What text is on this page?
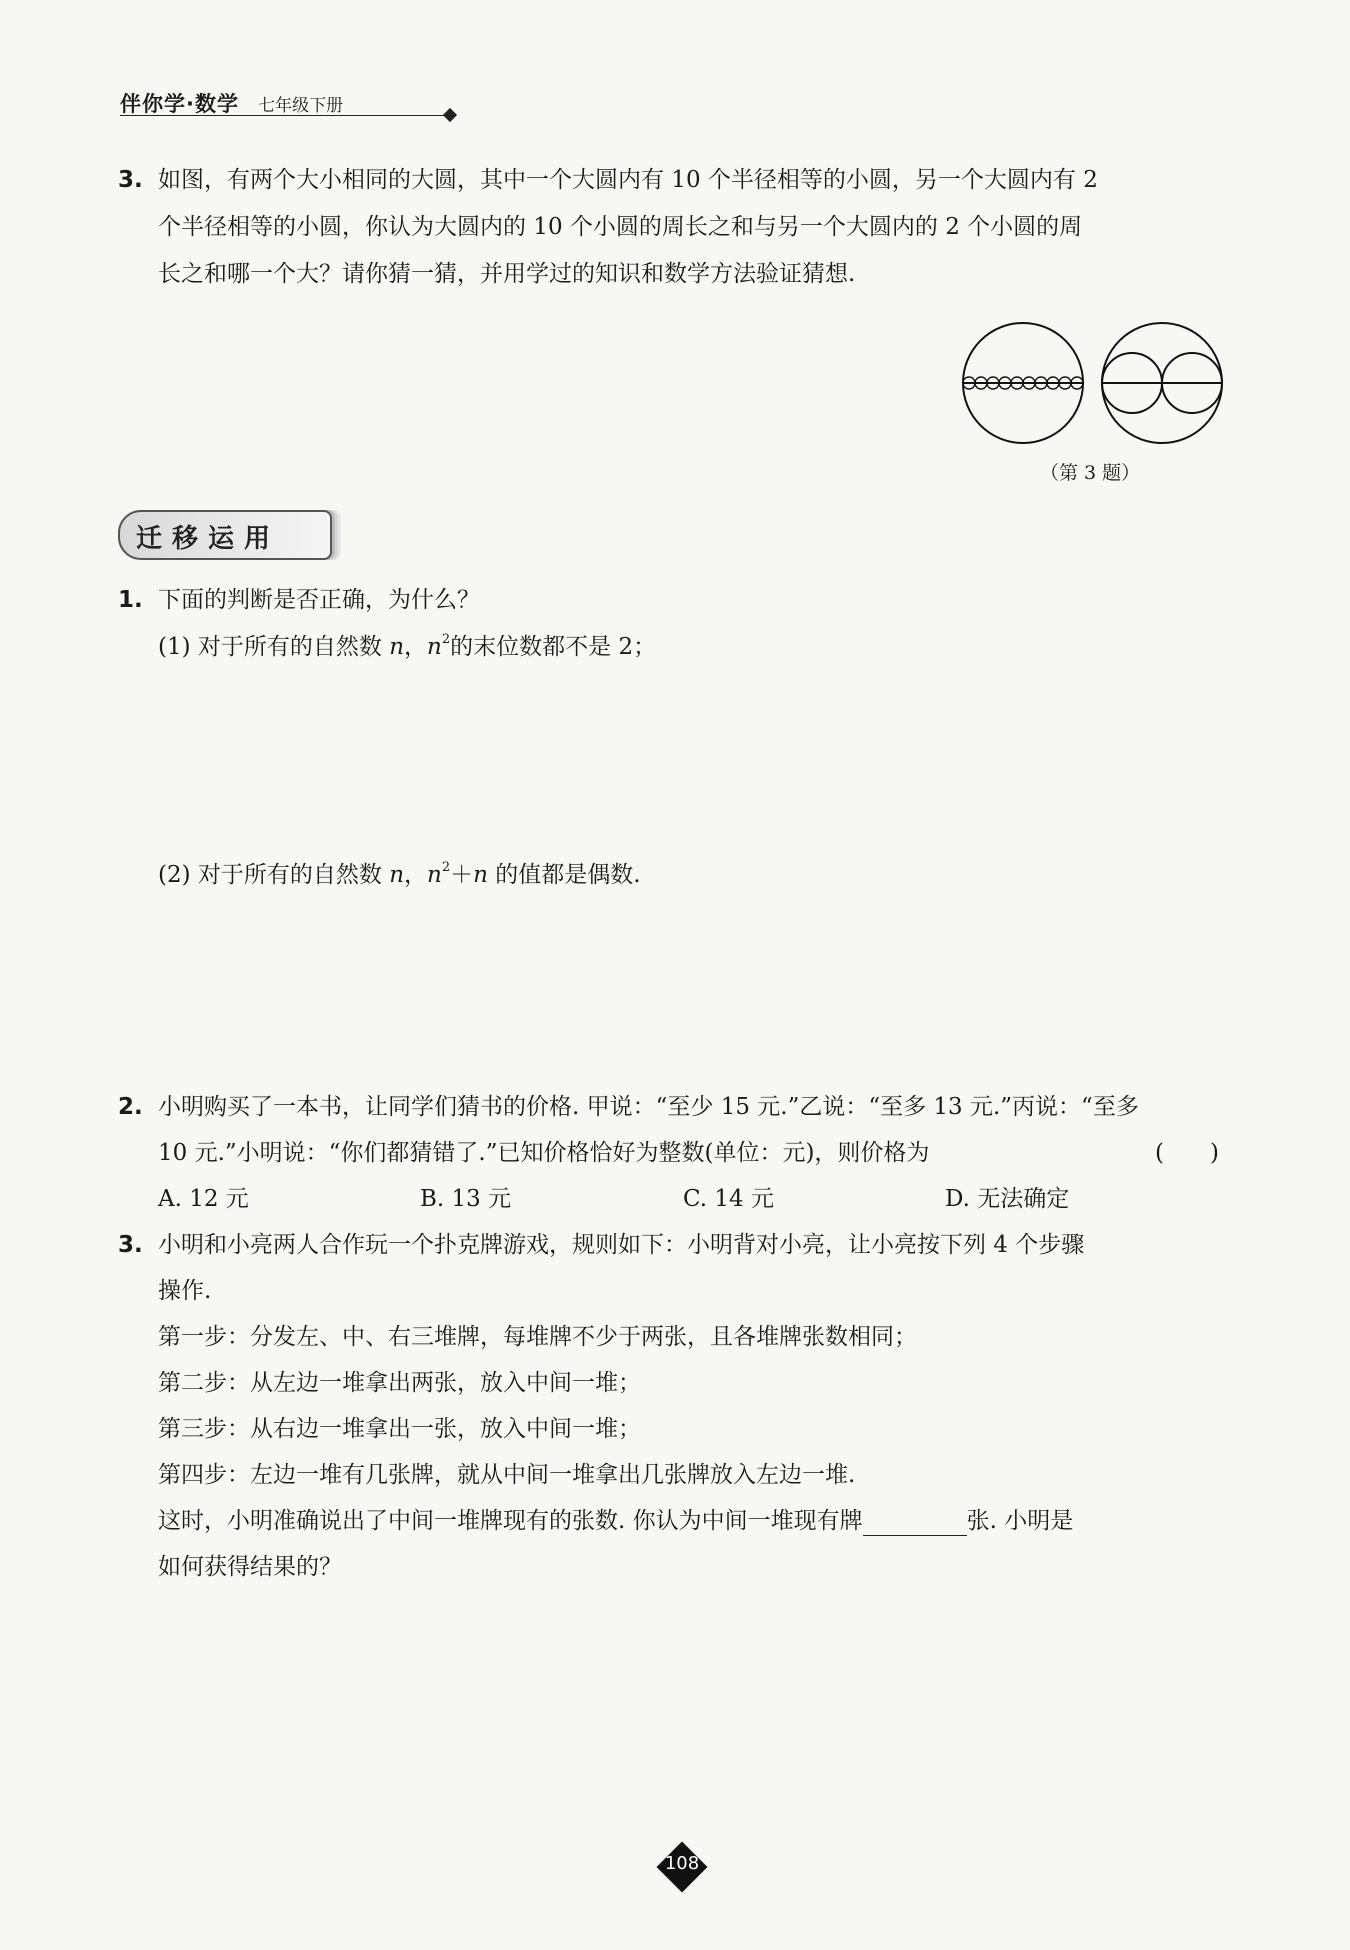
伴你学·数学 七年级下册
3. 如图，有两个大小相同的大圆，其中一个大圆内有 10 个半径相等的小圆，另一个大圆内有 2
个半径相等的小圆，你认为大圆内的 10 个小圆的周长之和与另一个大圆内的 2 个小圆的周
长之和哪一个大？请你猜一猜，并用学过的知识和数学方法验证猜想.
（第 3 题）
迁移运用
1. 下面的判断是否正确，为什么？
(1) 对于所有的自然数 n，$n^2$的末位数都不是 2；
(2) 对于所有的自然数 n，$n^2+n$ 的值都是偶数.
2. 小明购买了一本书，让同学们猜书的价格. 甲说：“至少 15 元.”乙说：“至多 13 元.”丙说：“至多
10 元.”小明说：“你们都猜错了.”已知价格恰好为整数(单位：元)，则价格为	(　　)
A. 12 元	B. 13 元	C. 14 元	D. 无法确定
3. 小明和小亮两人合作玩一个扑克牌游戏，规则如下：小明背对小亮，让小亮按下列 4 个步骤
操作.
第一步：分发左、中、右三堆牌，每堆牌不少于两张，且各堆牌张数相同；
第二步：从左边一堆拿出两张，放入中间一堆；
第三步：从右边一堆拿出一张，放入中间一堆；
第四步：左边一堆有几张牌，就从中间一堆拿出几张牌放入左边一堆.
这时，小明准确说出了中间一堆牌现有的张数. 你认为中间一堆现有牌	张. 小明是
如何获得结果的？
108
